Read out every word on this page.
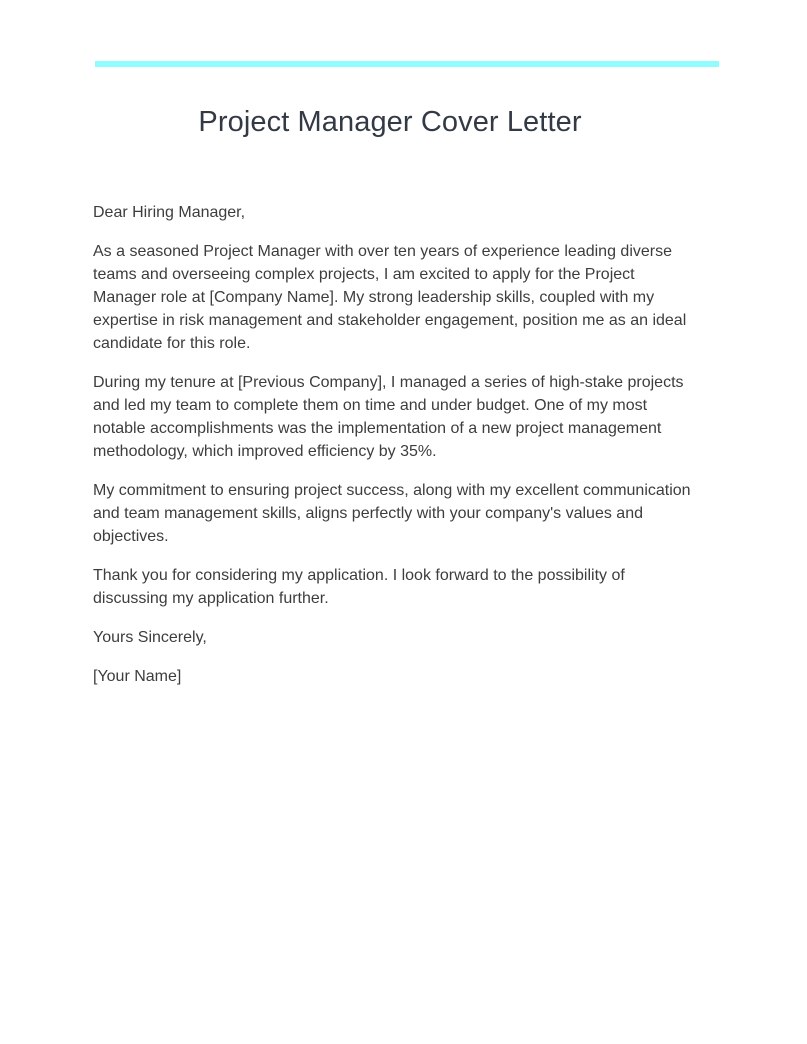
Project Manager Cover Letter

Dear Hiring Manager,

As a seasoned Project Manager with over ten years of experience leading diverse teams and overseeing complex projects, I am excited to apply for the Project Manager role at [Company Name]. My strong leadership skills, coupled with my expertise in risk management and stakeholder engagement, position me as an ideal candidate for this role.

During my tenure at [Previous Company], I managed a series of high-stake projects and led my team to complete them on time and under budget. One of my most notable accomplishments was the implementation of a new project management methodology, which improved efficiency by 35%.

My commitment to ensuring project success, along with my excellent communication and team management skills, aligns perfectly with your company's values and objectives.

Thank you for considering my application. I look forward to the possibility of discussing my application further.

Yours Sincerely,

[Your Name]
